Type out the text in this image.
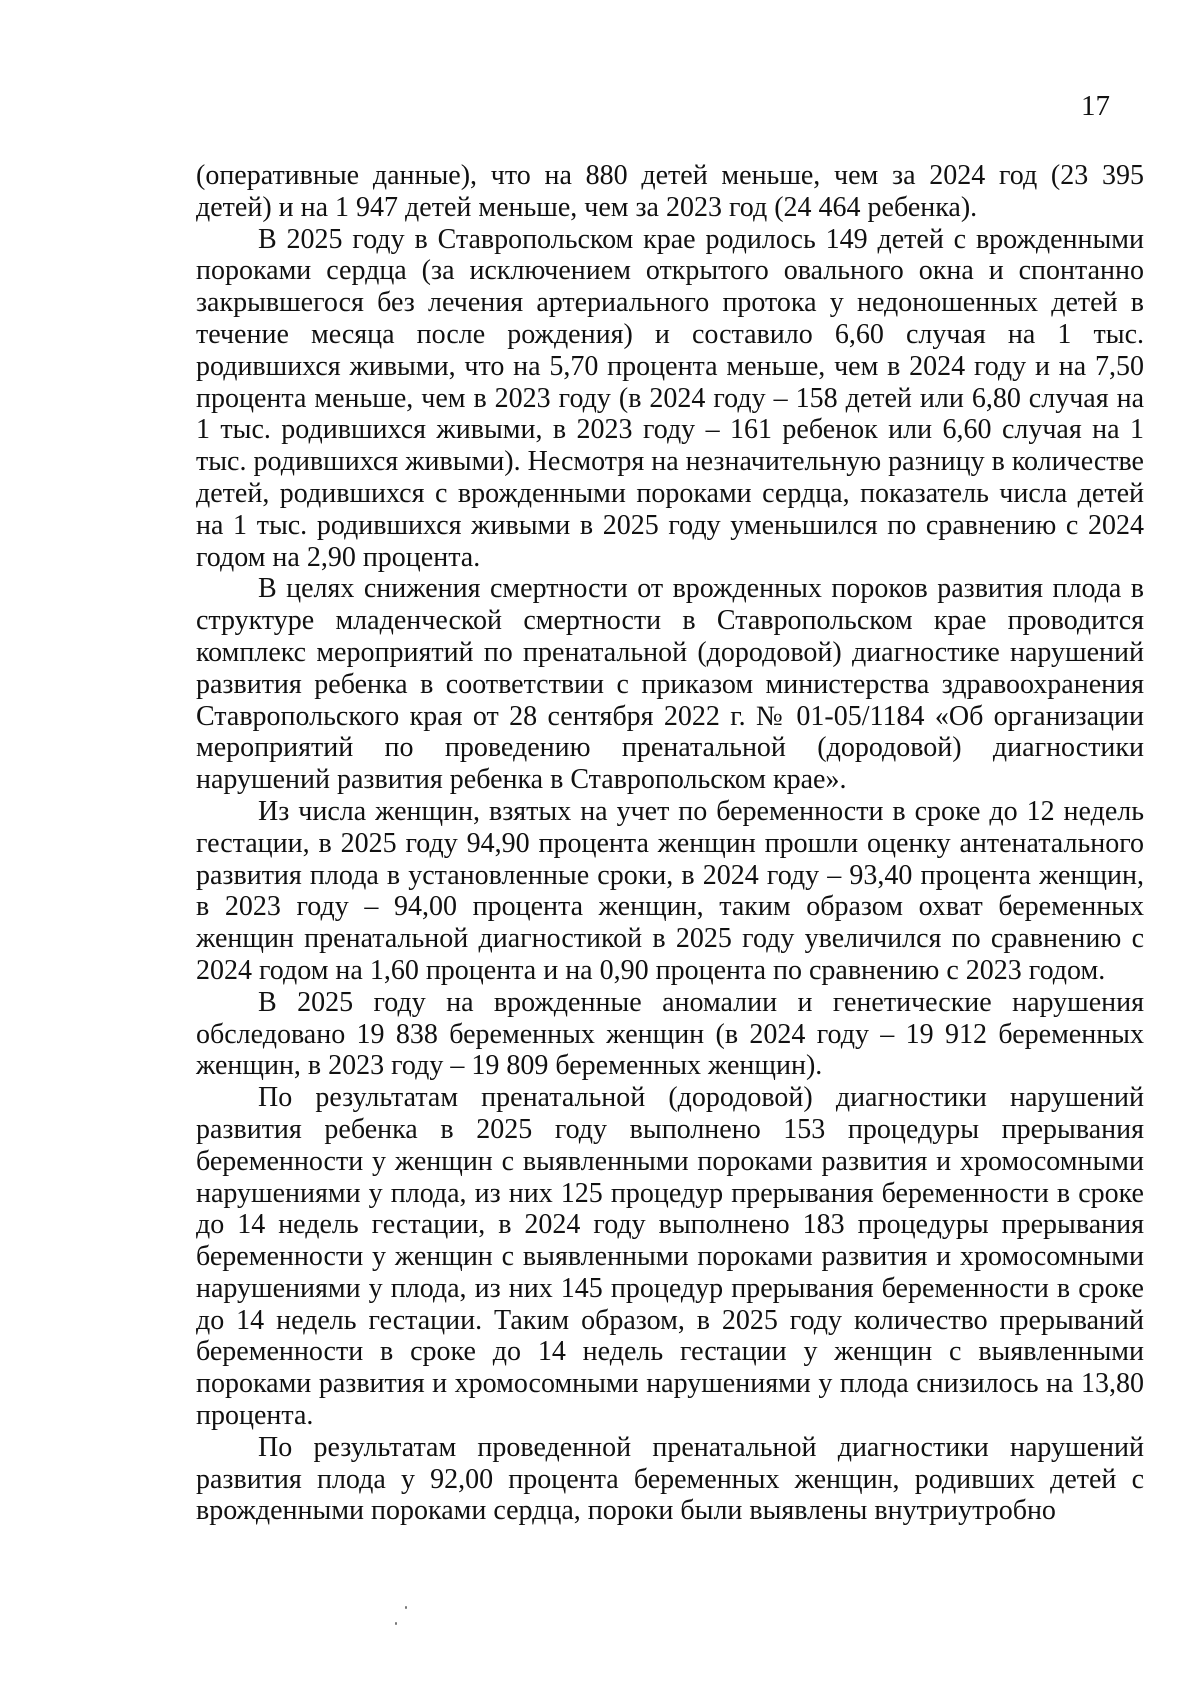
17

(оперативные данные), что на 880 детей меньше, чем за 2024 год (23 395 детей) и на 1 947 детей меньше, чем за 2023 год (24 464 ребенка).

В 2025 году в Ставропольском крае родилось 149 детей с врожденными пороками сердца (за исключением открытого овального окна и спонтанно закрывшегося без лечения артериального протока у недоношенных детей в течение месяца после рождения) и составило 6,60 случая на 1 тыс. родившихся живыми, что на 5,70 процента меньше, чем в 2024 году и на 7,50 процента меньше, чем в 2023 году (в 2024 году – 158 детей или 6,80 случая на 1 тыс. родившихся живыми, в 2023 году – 161 ребенок или 6,60 случая на 1 тыс. родившихся живыми). Несмотря на незначительную разницу в количестве детей, родившихся с врожденными пороками сердца, показатель числа детей на 1 тыс. родившихся живыми в 2025 году уменьшился по сравнению с 2024 годом на 2,90 процента.

В целях снижения смертности от врожденных пороков развития плода в структуре младенческой смертности в Ставропольском крае проводится комплекс мероприятий по пренатальной (дородовой) диагностике нарушений развития ребенка в соответствии с приказом министерства здравоохранения Ставропольского края от 28 сентября 2022 г. № 01-05/1184 «Об организации мероприятий по проведению пренатальной (дородовой) диагностики нарушений развития ребенка в Ставропольском крае».

Из числа женщин, взятых на учет по беременности в сроке до 12 недель гестации, в 2025 году 94,90 процента женщин прошли оценку антенатального развития плода в установленные сроки, в 2024 году – 93,40 процента женщин, в 2023 году – 94,00 процента женщин, таким образом охват беременных женщин пренатальной диагностикой в 2025 году увеличился по сравнению с 2024 годом на 1,60 процента и на 0,90 процента по сравнению с 2023 годом.

В 2025 году на врожденные аномалии и генетические нарушения обследовано 19 838 беременных женщин (в 2024 году – 19 912 беременных женщин, в 2023 году – 19 809 беременных женщин).

По результатам пренатальной (дородовой) диагностики нарушений развития ребенка в 2025 году выполнено 153 процедуры прерывания беременности у женщин с выявленными пороками развития и хромосомными нарушениями у плода, из них 125 процедур прерывания беременности в сроке до 14 недель гестации, в 2024 году выполнено 183 процедуры прерывания беременности у женщин с выявленными пороками развития и хромосомными нарушениями у плода, из них 145 процедур прерывания беременности в сроке до 14 недель гестации. Таким образом, в 2025 году количество прерываний беременности в сроке до 14 недель гестации у женщин с выявленными пороками развития и хромосомными нарушениями у плода снизилось на 13,80 процента.

По результатам проведенной пренатальной диагностики нарушений развития плода у 92,00 процента беременных женщин, родивших детей с врожденными пороками сердца, пороки были выявлены внутриутробно
